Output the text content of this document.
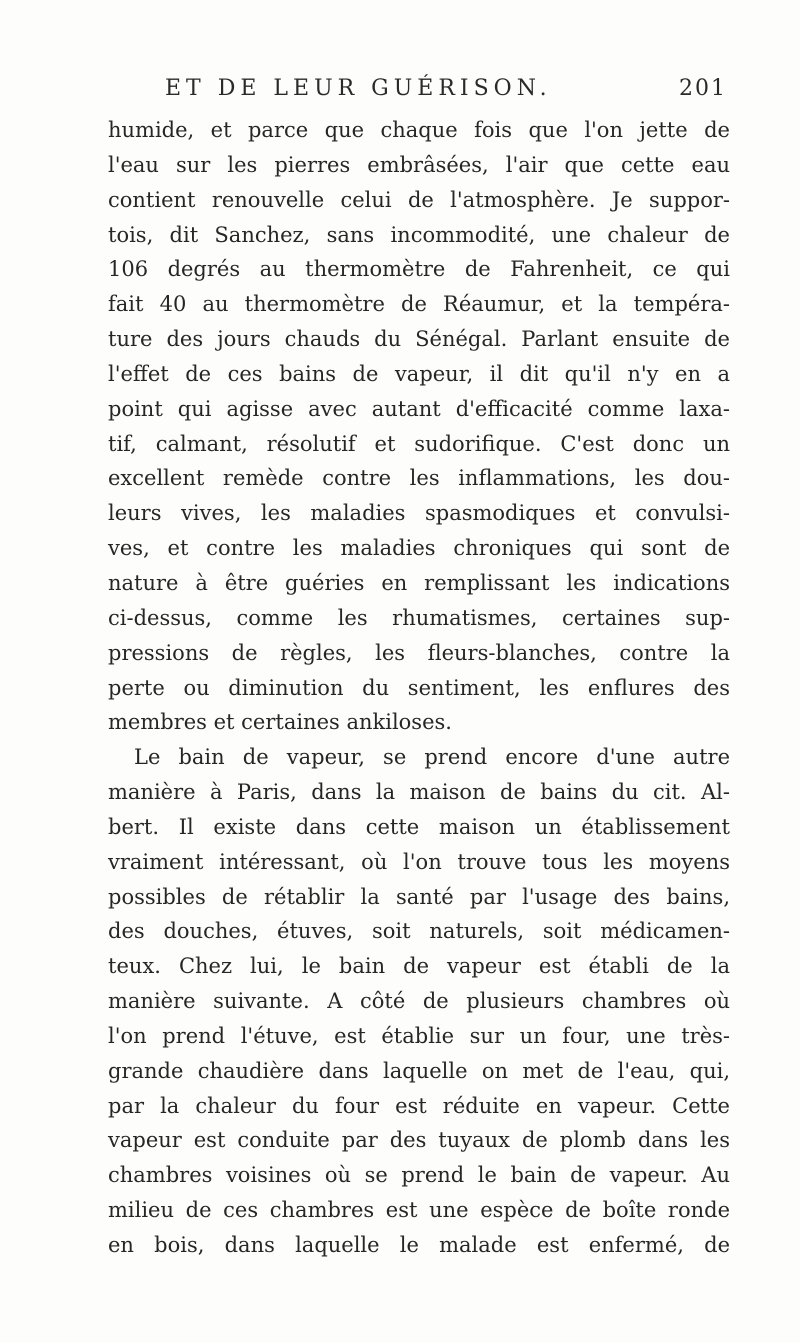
ET DE LEUR GUÉRISON.	201
humide, et parce que chaque fois que l'on jette de
l'eau sur les pierres embrâsées, l'air que cette eau
contient renouvelle celui de l'atmosphère. Je suppor-
tois, dit Sanchez, sans incommodité, une chaleur de
106 degrés au thermomètre de Fahrenheit, ce qui
fait 40 au thermomètre de Réaumur, et la tempéra-
ture des jours chauds du Sénégal. Parlant ensuite de
l'effet de ces bains de vapeur, il dit qu'il n'y en a
point qui agisse avec autant d'efficacité comme laxa-
tif, calmant, résolutif et sudorifique. C'est donc un
excellent remède contre les inflammations, les dou-
leurs vives, les maladies spasmodiques et convulsi-
ves, et contre les maladies chroniques qui sont de
nature à être guéries en remplissant les indications
ci-dessus, comme les rhumatismes, certaines sup-
pressions de règles, les fleurs-blanches, contre la
perte ou diminution du sentiment, les enflures des
membres et certaines ankiloses.
Le bain de vapeur, se prend encore d'une autre
manière à Paris, dans la maison de bains du cit. Al-
bert. Il existe dans cette maison un établissement
vraiment intéressant, où l'on trouve tous les moyens
possibles de rétablir la santé par l'usage des bains,
des douches, étuves, soit naturels, soit médicamen-
teux. Chez lui, le bain de vapeur est établi de la
manière suivante. A côté de plusieurs chambres où
l'on prend l'étuve, est établie sur un four, une très-
grande chaudière dans laquelle on met de l'eau, qui,
par la chaleur du four est réduite en vapeur. Cette
vapeur est conduite par des tuyaux de plomb dans les
chambres voisines où se prend le bain de vapeur. Au
milieu de ces chambres est une espèce de boîte ronde
en bois, dans laquelle le malade est enfermé, de
